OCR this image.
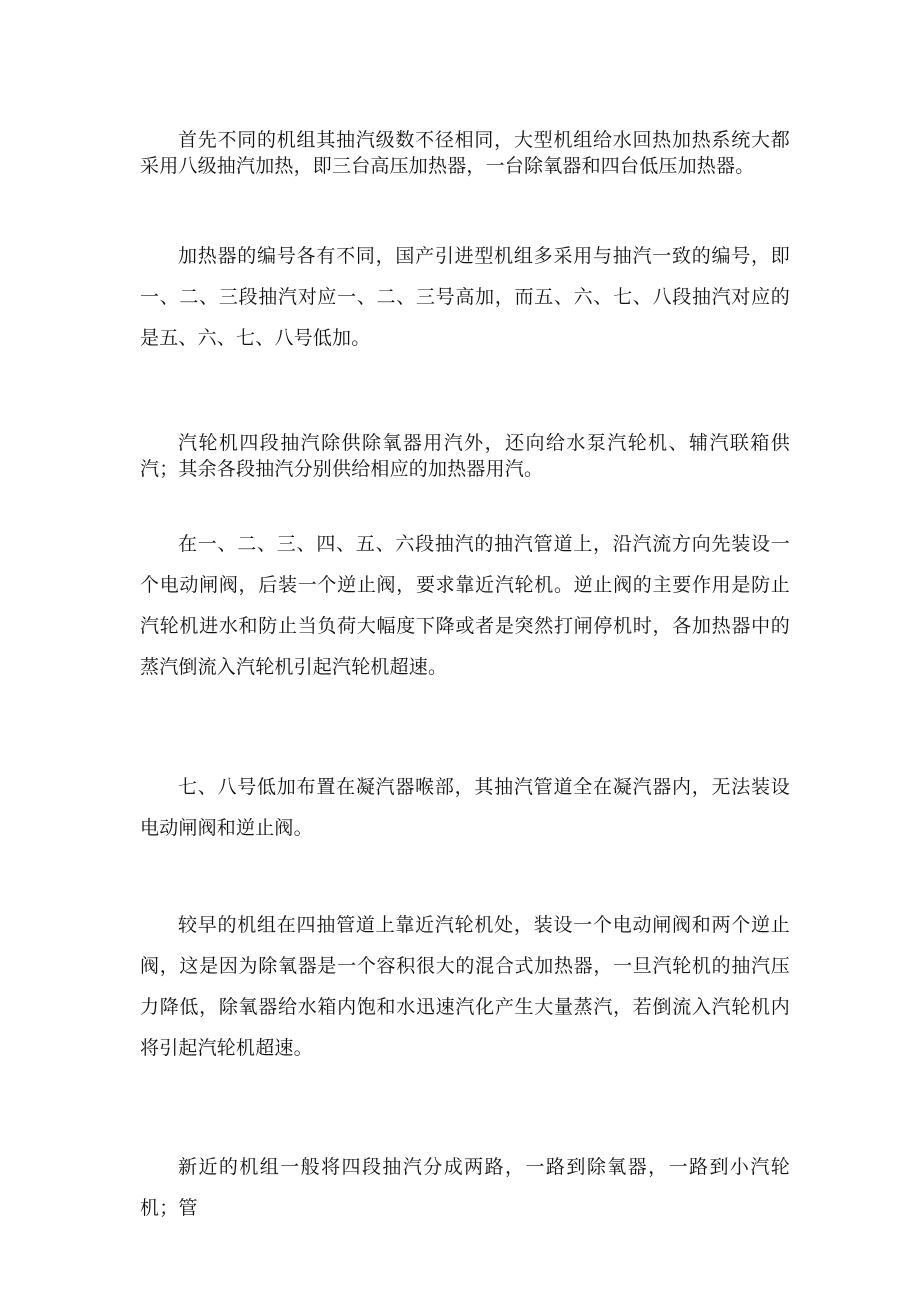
首先不同的机组其抽汽级数不径相同，大型机组给水回热加热系统大都采用八级抽汽加热，即三台高压加热器，一台除氧器和四台低压加热器。

加热器的编号各有不同，国产引进型机组多采用与抽汽一致的编号，即一、二、三段抽汽对应一、二、三号高加，而五、六、七、八段抽汽对应的是五、六、七、八号低加。

汽轮机四段抽汽除供除氧器用汽外，还向给水泵汽轮机、辅汽联箱供汽；其余各段抽汽分别供给相应的加热器用汽。

在一、二、三、四、五、六段抽汽的抽汽管道上，沿汽流方向先装设一个电动闸阀，后装一个逆止阀，要求靠近汽轮机。逆止阀的主要作用是防止汽轮机进水和防止当负荷大幅度下降或者是突然打闸停机时，各加热器中的蒸汽倒流入汽轮机引起汽轮机超速。

七、八号低加布置在凝汽器喉部，其抽汽管道全在凝汽器内，无法装设电动闸阀和逆止阀。

较早的机组在四抽管道上靠近汽轮机处，装设一个电动闸阀和两个逆止阀，这是因为除氧器是一个容积很大的混合式加热器，一旦汽轮机的抽汽压力降低，除氧器给水箱内饱和水迅速汽化产生大量蒸汽，若倒流入汽轮机内将引起汽轮机超速。

新近的机组一般将四段抽汽分成两路，一路到除氧器，一路到小汽轮机；管
